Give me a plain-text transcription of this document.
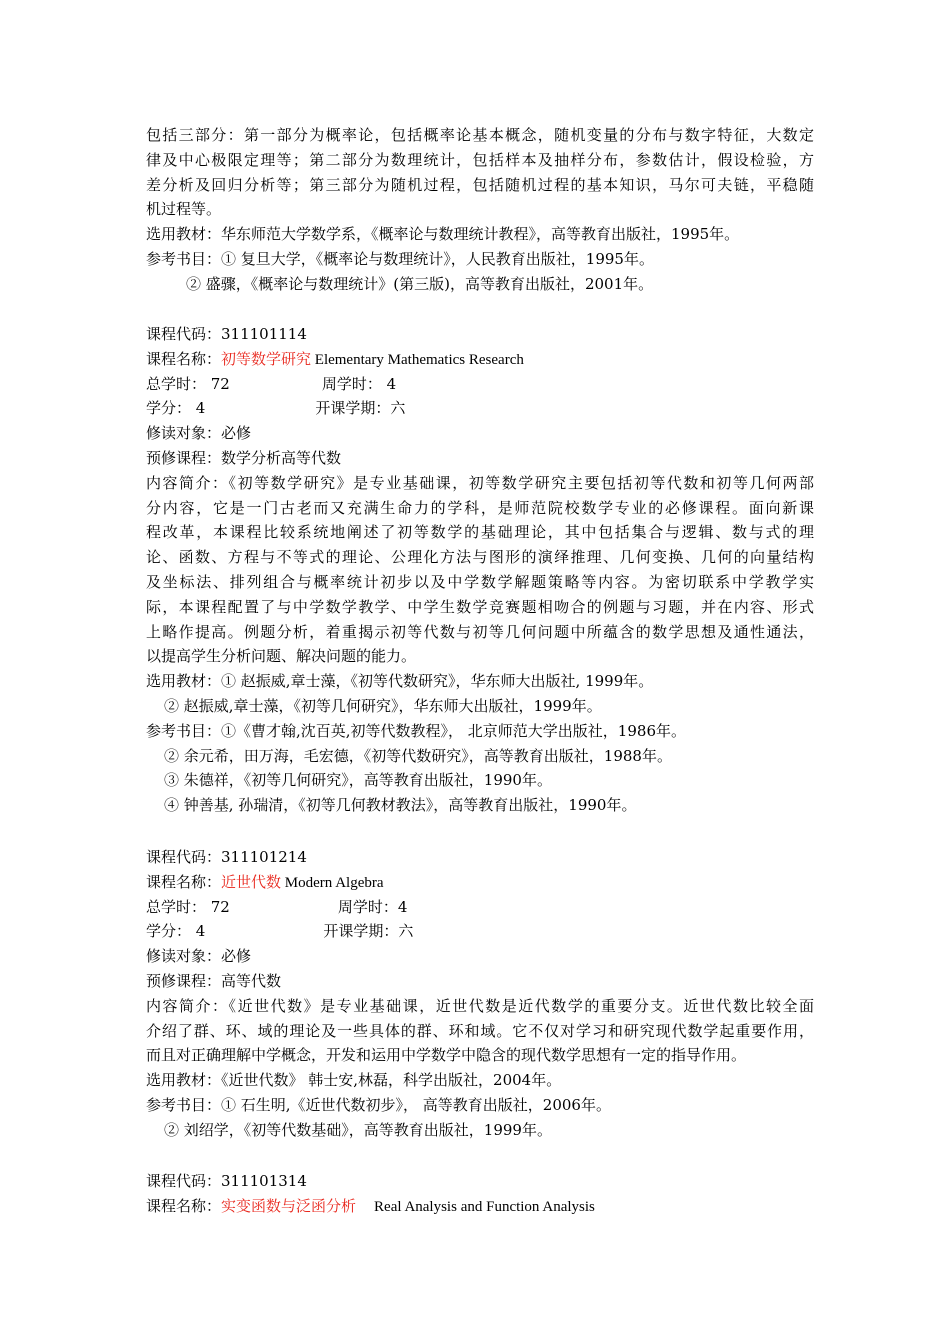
包括三部分：第一部分为概率论，包括概率论基本概念，随机变量的分布与数字特征，大数定
律及中心极限定理等；第二部分为数理统计，包括样本及抽样分布，参数估计，假设检验，方
差分析及回归分析等；第三部分为随机过程，包括随机过程的基本知识，马尔可夫链，平稳随
机过程等。
选用教材：华东师范大学数学系，《概率论与数理统计教程》，高等教育出版社，1995年。
参考书目：① 复旦大学，《概率论与数理统计》，人民教育出版社，1995年。
② 盛骤，《概率论与数理统计》(第三版)，高等教育出版社，2001年。
课程代码：311101114
课程名称：初等数学研究 Elementary Mathematics Research
总学时： 72	周学时： 4
学分： 4	开课学期：六
修读对象：必修
预修课程：数学分析高等代数
内容简介：《初等数学研究》是专业基础课，初等数学研究主要包括初等代数和初等几何两部
分内容，它是一门古老而又充满生命力的学科，是师范院校数学专业的必修课程。面向新课
程改革，本课程比较系统地阐述了初等数学的基础理论，其中包括集合与逻辑、数与式的理
论、函数、方程与不等式的理论、公理化方法与图形的演绎推理、几何变换、几何的向量结构
及坐标法、排列组合与概率统计初步以及中学数学解题策略等内容。为密切联系中学教学实
际，本课程配置了与中学数学教学、中学生数学竞赛题相吻合的例题与习题，并在内容、形式
上略作提高。例题分析，着重揭示初等代数与初等几何问题中所蕴含的数学思想及通性通法，
以提高学生分析问题、解决问题的能力。
选用教材：① 赵振威,章士藻，《初等代数研究》，华东师大出版社, 1999年。
② 赵振威,章士藻，《初等几何研究》，华东师大出版社，1999年。
参考书目：①《曹才翰,沈百英,初等代数教程》， 北京师范大学出版社，1986年。
② 余元希，田万海，毛宏德，《初等代数研究》，高等教育出版社，1988年。
③ 朱德祥，《初等几何研究》，高等教育出版社，1990年。
④ 钟善基, 孙瑞清，《初等几何教材教法》，高等教育出版社，1990年。
课程代码：311101214
课程名称：近世代数 Modern Algebra
总学时： 72	周学时：4
学分： 4	开课学期：六
修读对象：必修
预修课程：高等代数
内容简介：《近世代数》是专业基础课，近世代数是近代数学的重要分支。近世代数比较全面
介绍了群、环、域的理论及一些具体的群、环和域。它不仅对学习和研究现代数学起重要作用，
而且对正确理解中学概念，开发和运用中学数学中隐含的现代数学思想有一定的指导作用。
选用教材：《近世代数》 韩士安,林磊，科学出版社，2004年。
参考书目：① 石生明,《近世代数初步》， 高等教育出版社，2006年。
② 刘绍学，《初等代数基础》，高等教育出版社，1999年。
课程代码：311101314
课程名称：实变函数与泛函分析 Real Analysis and Function Analysis
